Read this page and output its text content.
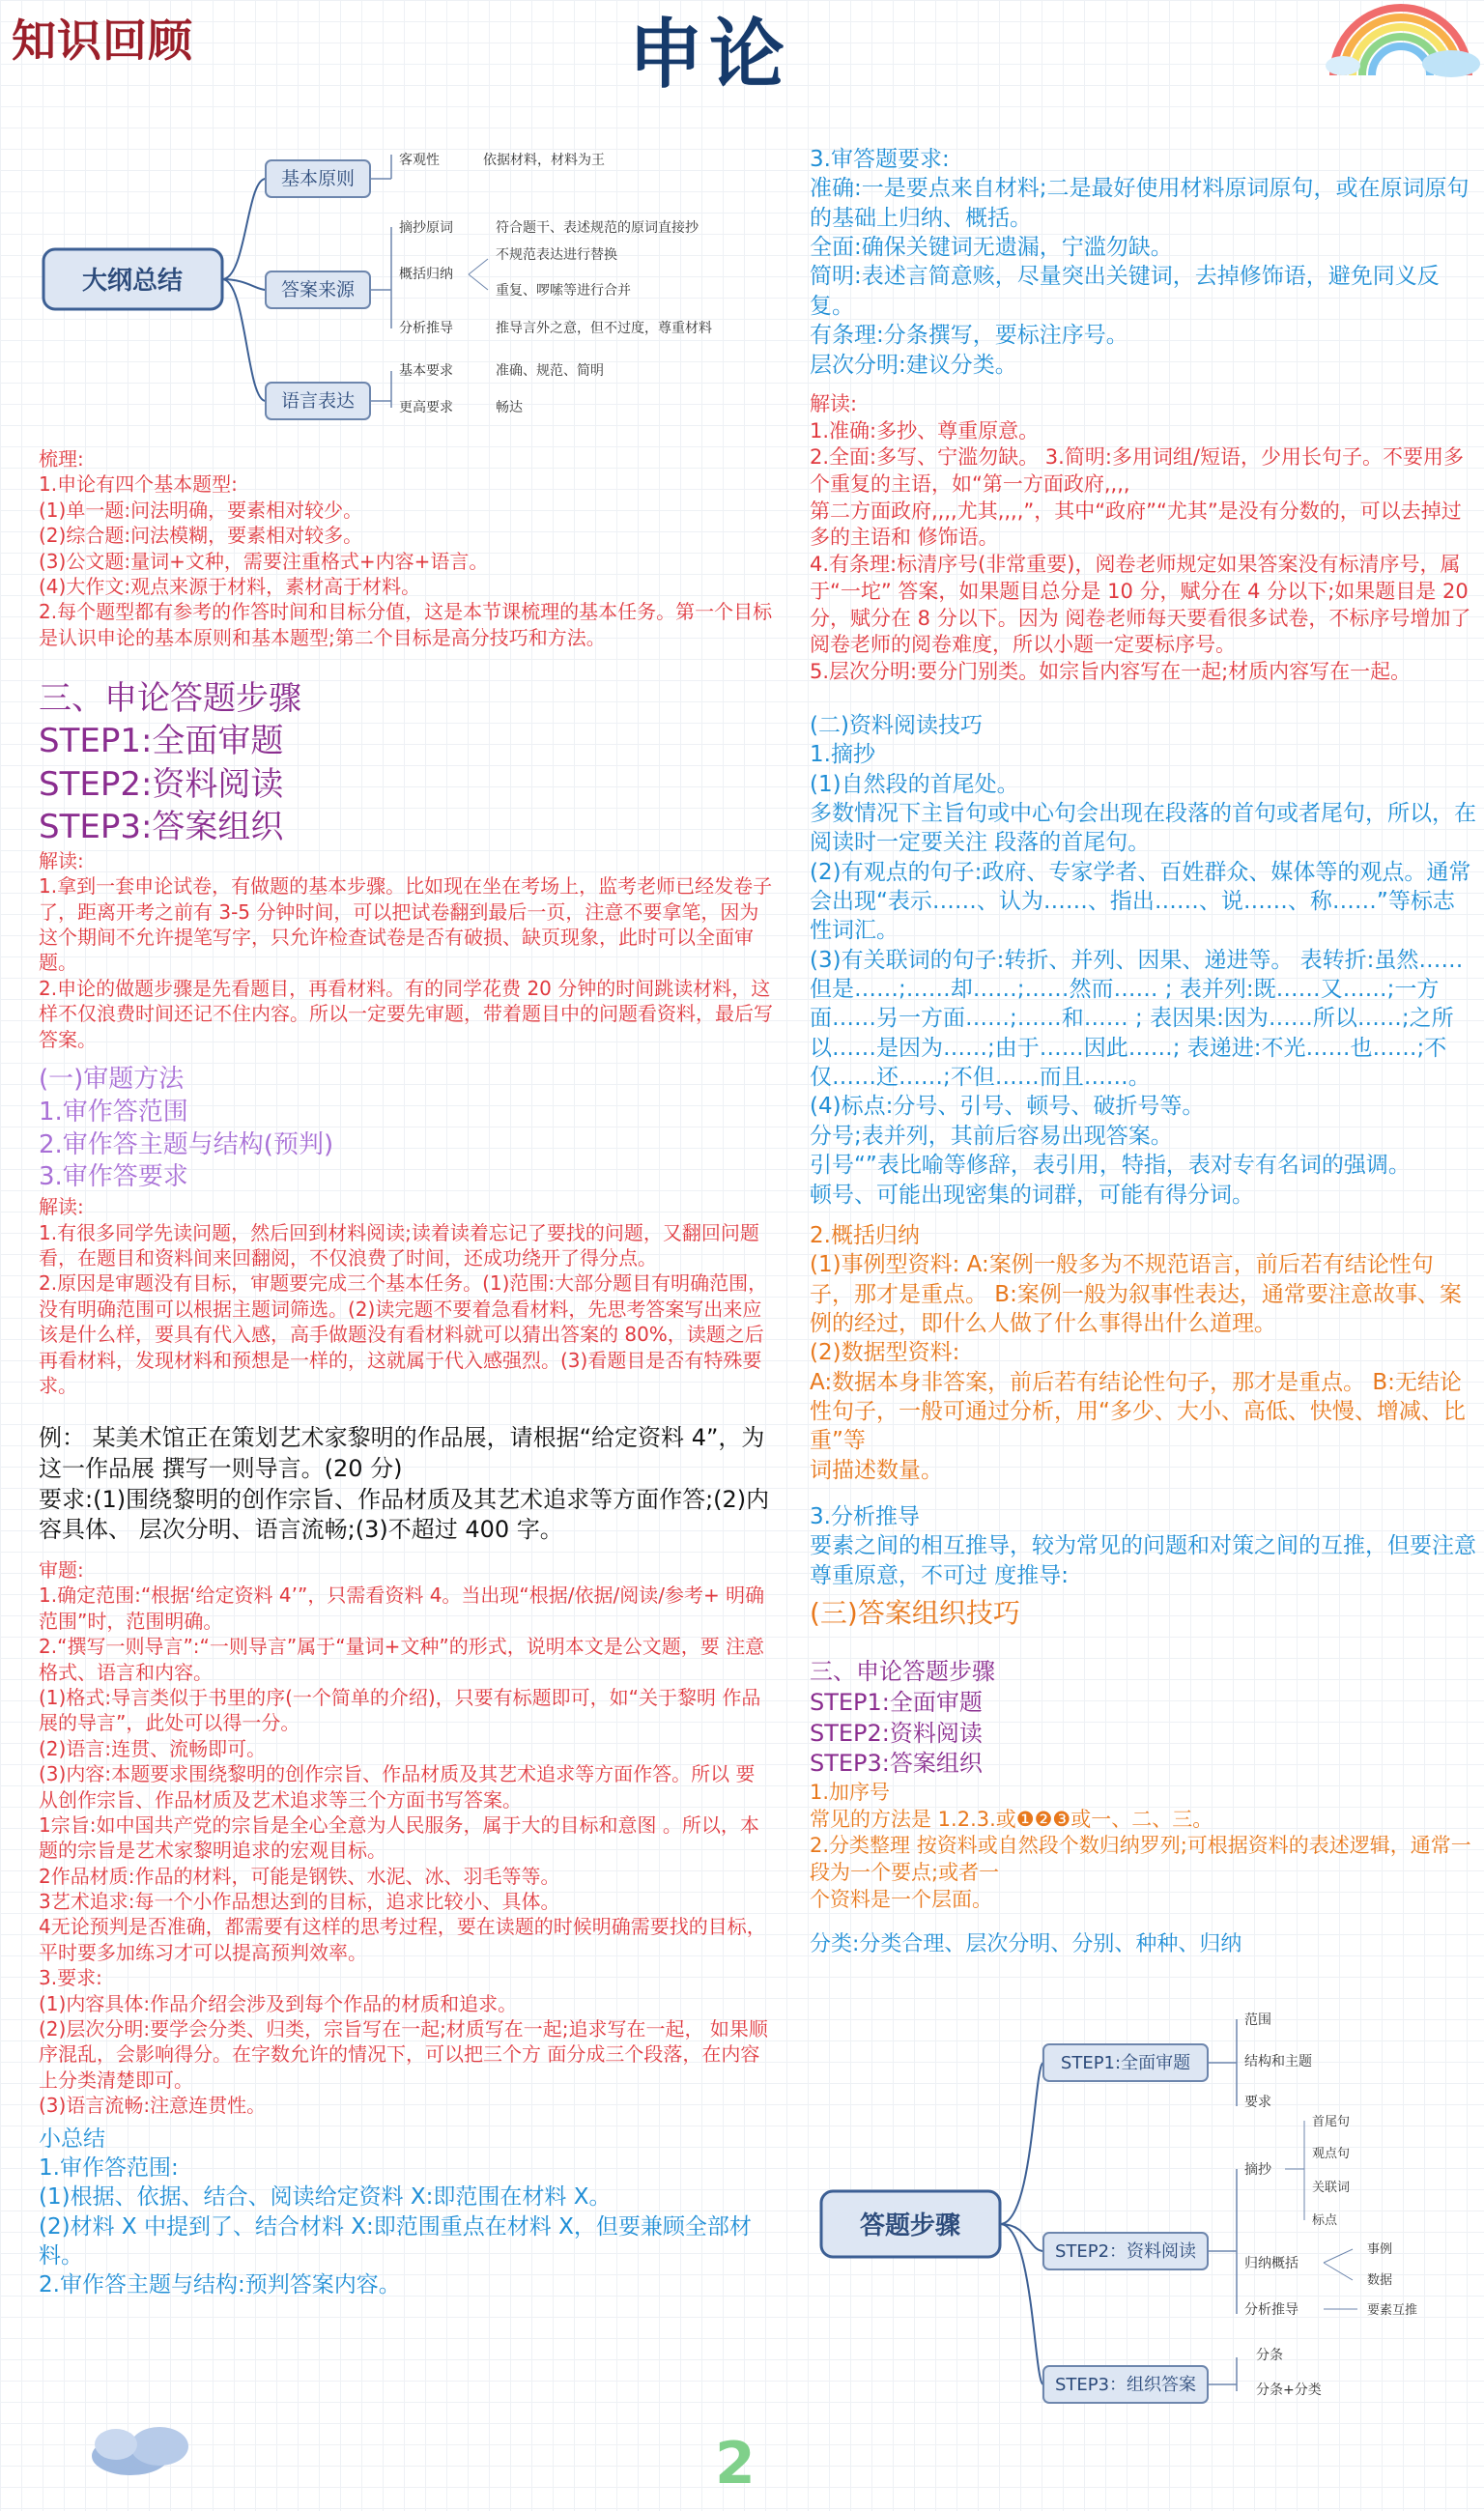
知识回顾	申论
大纲总结
基本原则
客观性	依据材料，材料为王
答案来源
摘抄原词	符合题干、表述规范的原词直接抄
概括归纳
不规范表达进行替换
重复、啰嗦等进行合并
分析推导	推导言外之意，但不过度，尊重材料
语言表达
基本要求	准确、规范、简明
更高要求	畅达
梳理:
1.申论有四个基本题型:
(1)单一题:问法明确，要素相对较少。
(2)综合题:问法模糊，要素相对较多。
(3)公文题:量词+文种，需要注重格式+内容+语言。
(4)大作文:观点来源于材料，素材高于材料。
2.每个题型都有参考的作答时间和目标分值，这是本节课梳理的基本任务。第一个目标是认识申论的基本原则和基本题型;第二个目标是高分技巧和方法。
三、申论答题步骤
STEP1:全面审题
STEP2:资料阅读
STEP3:答案组织
解读:
1.拿到一套申论试卷，有做题的基本步骤。比如现在坐在考场上，监考老师已经发卷子了，距离开考之前有 3-5 分钟时间，可以把试卷翻到最后一页，注意不要拿笔，因为这个期间不允许提笔写字，只允许检查试卷是否有破损、缺页现象，此时可以全面审题。
2.申论的做题步骤是先看题目，再看材料。有的同学花费 20 分钟的时间跳读材料，这 样不仅浪费时间还记不住内容。所以一定要先审题，带着题目中的问题看资料，最后写答案。
(一)审题方法
1.审作答范围
2.审作答主题与结构(预判)
3.审作答要求
解读:
1.有很多同学先读问题，然后回到材料阅读;读着读着忘记了要找的问题，又翻回问题看，在题目和资料间来回翻阅，不仅浪费了时间，还成功绕开了得分点。
2.原因是审题没有目标，审题要完成三个基本任务。(1)范围:大部分题目有明确范围，没有明确范围可以根据主题词筛选。(2)读完题不要着急看材料，先思考答案写出来应该是什么样，要具有代入感，高手做题没有看材料就可以猜出答案的 80%，读题之后再看材料，发现材料和预想是一样的，这就属于代入感强烈。(3)看题目是否有特殊要求。
例： 某美术馆正在策划艺术家黎明的作品展，请根据“给定资料 4”，为这一作品展 撰写一则导言。(20 分)
要求:(1)围绕黎明的创作宗旨、作品材质及其艺术追求等方面作答;(2)内容具体、 层次分明、语言流畅;(3)不超过 400 字。
审题:
1.确定范围:“根据‘给定资料 4’”，只需看资料 4。当出现“根据/依据/阅读/参考+ 明确范围”时，范围明确。
2.“撰写一则导言”:“一则导言”属于“量词+文种”的形式，说明本文是公文题，要 注意格式、语言和内容。
(1)格式:导言类似于书里的序(一个简单的介绍)，只要有标题即可，如“关于黎明 作品展的导言”，此处可以得一分。
(2)语言:连贯、流畅即可。
(3)内容:本题要求围绕黎明的创作宗旨、作品材质及其艺术追求等方面作答。所以 要从创作宗旨、作品材质及艺术追求等三个方面书写答案。
1宗旨:如中国共产党的宗旨是全心全意为人民服务，属于大的目标和意图 。所以，本 题的宗旨是艺术家黎明追求的宏观目标。
2作品材质:作品的材料，可能是钢铁、水泥、冰、羽毛等等。
3艺术追求:每一个小作品想达到的目标，追求比较小、具体。
4无论预判是否准确，都需要有这样的思考过程，要在读题的时候明确需要找的目标，平时要多加练习才可以提高预判效率。
3.要求:
(1)内容具体:作品介绍会涉及到每个作品的材质和追求。
(2)层次分明:要学会分类、归类，宗旨写在一起;材质写在一起;追求写在一起， 如果顺序混乱，会影响得分。在字数允许的情况下，可以把三个方 面分成三个段落，在内容 上分类清楚即可。
(3)语言流畅:注意连贯性。
小总结
1.审作答范围:
(1)根据、依据、结合、阅读给定资料 X:即范围在材料 X。
(2)材料 X 中提到了、结合材料 X:即范围重点在材料 X，但要兼顾全部材料。
2.审作答主题与结构:预判答案内容。
3.审答题要求:
准确:一是要点来自材料;二是最好使用材料原词原句，或在原词原句的基础上归纳、概括。
全面:确保关键词无遗漏，宁滥勿缺。
简明:表述言简意赅，尽量突出关键词，去掉修饰语，避免同义反复。
有条理:分条撰写，要标注序号。
层次分明:建议分类。
解读:
1.准确:多抄、尊重原意。
2.全面:多写、宁滥勿缺。 3.简明:多用词组/短语，少用长句子。不要用多个重复的主语，如“第一方面政府,,,,
第二方面政府,,,,尤其,,,,”，其中“政府”“尤其”是没有分数的，可以去掉过多的主语和 修饰语。
4.有条理:标清序号(非常重要)，阅卷老师规定如果答案没有标清序号，属于“一坨” 答案，如果题目总分是 10 分，赋分在 4 分以下;如果题目是 20 分，赋分在 8 分以下。因为 阅卷老师每天要看很多试卷，不标序号增加了阅卷老师的阅卷难度，所以小题一定要标序号。
5.层次分明:要分门别类。如宗旨内容写在一起;材质内容写在一起。
(二)资料阅读技巧
1.摘抄
(1)自然段的首尾处。
多数情况下主旨句或中心句会出现在段落的首句或者尾句，所以，在阅读时一定要关注 段落的首尾句。
(2)有观点的句子:政府、专家学者、百姓群众、媒体等的观点。通常会出现“表示……、认为……、指出……、说……、称……”等标志性词汇。
(3)有关联词的句子:转折、并列、因果、递进等。 表转折:虽然……但是……;……却……;……然而…… ; 表并列:既……又……;一方面……另一方面……;……和…… ; 表因果:因为……所以……;之所以……是因为……;由于……因此……; 表递进:不光……也……;不仅……还……;不但……而且……。
(4)标点:分号、引号、顿号、破折号等。
分号;表并列，其前后容易出现答案。
引号“”表比喻等修辞，表引用，特指，表对专有名词的强调。
顿号、可能出现密集的词群，可能有得分词。
2.概括归纳
(1)事例型资料: A:案例一般多为不规范语言，前后若有结论性句子，那才是重点。 B:案例一般为叙事性表达，通常要注意故事、案例的经过，即什么人做了什么事得出什么道理。
(2)数据型资料:
A:数据本身非答案，前后若有结论性句子，那才是重点。 B:无结论性句子，一般可通过分析，用“多少、大小、高低、快慢、增减、比重”等
词描述数量。
3.分析推导
要素之间的相互推导，较为常见的问题和对策之间的互推，但要注意尊重原意，不可过 度推导:
(三)答案组织技巧
三、申论答题步骤
STEP1:全面审题
STEP2:资料阅读
STEP3:答案组织
1.加序号
常见的方法是 1.2.3.或❶❷❸或一、二、三。
2.分类整理 按资料或自然段个数归纳罗列;可根据资料的表述逻辑，通常一段为一个要点;或者一
个资料是一个层面。
分类:分类合理、层次分明、分别、种种、归纳
答题步骤
STEP1:全面审题
范围
结构和主题
要求
STEP2：资料阅读
摘抄
首尾句
观点句
关联词
标点
归纳概括
事例
数据
分析推导	要素互推
STEP3：组织答案
分条
分条+分类
2
